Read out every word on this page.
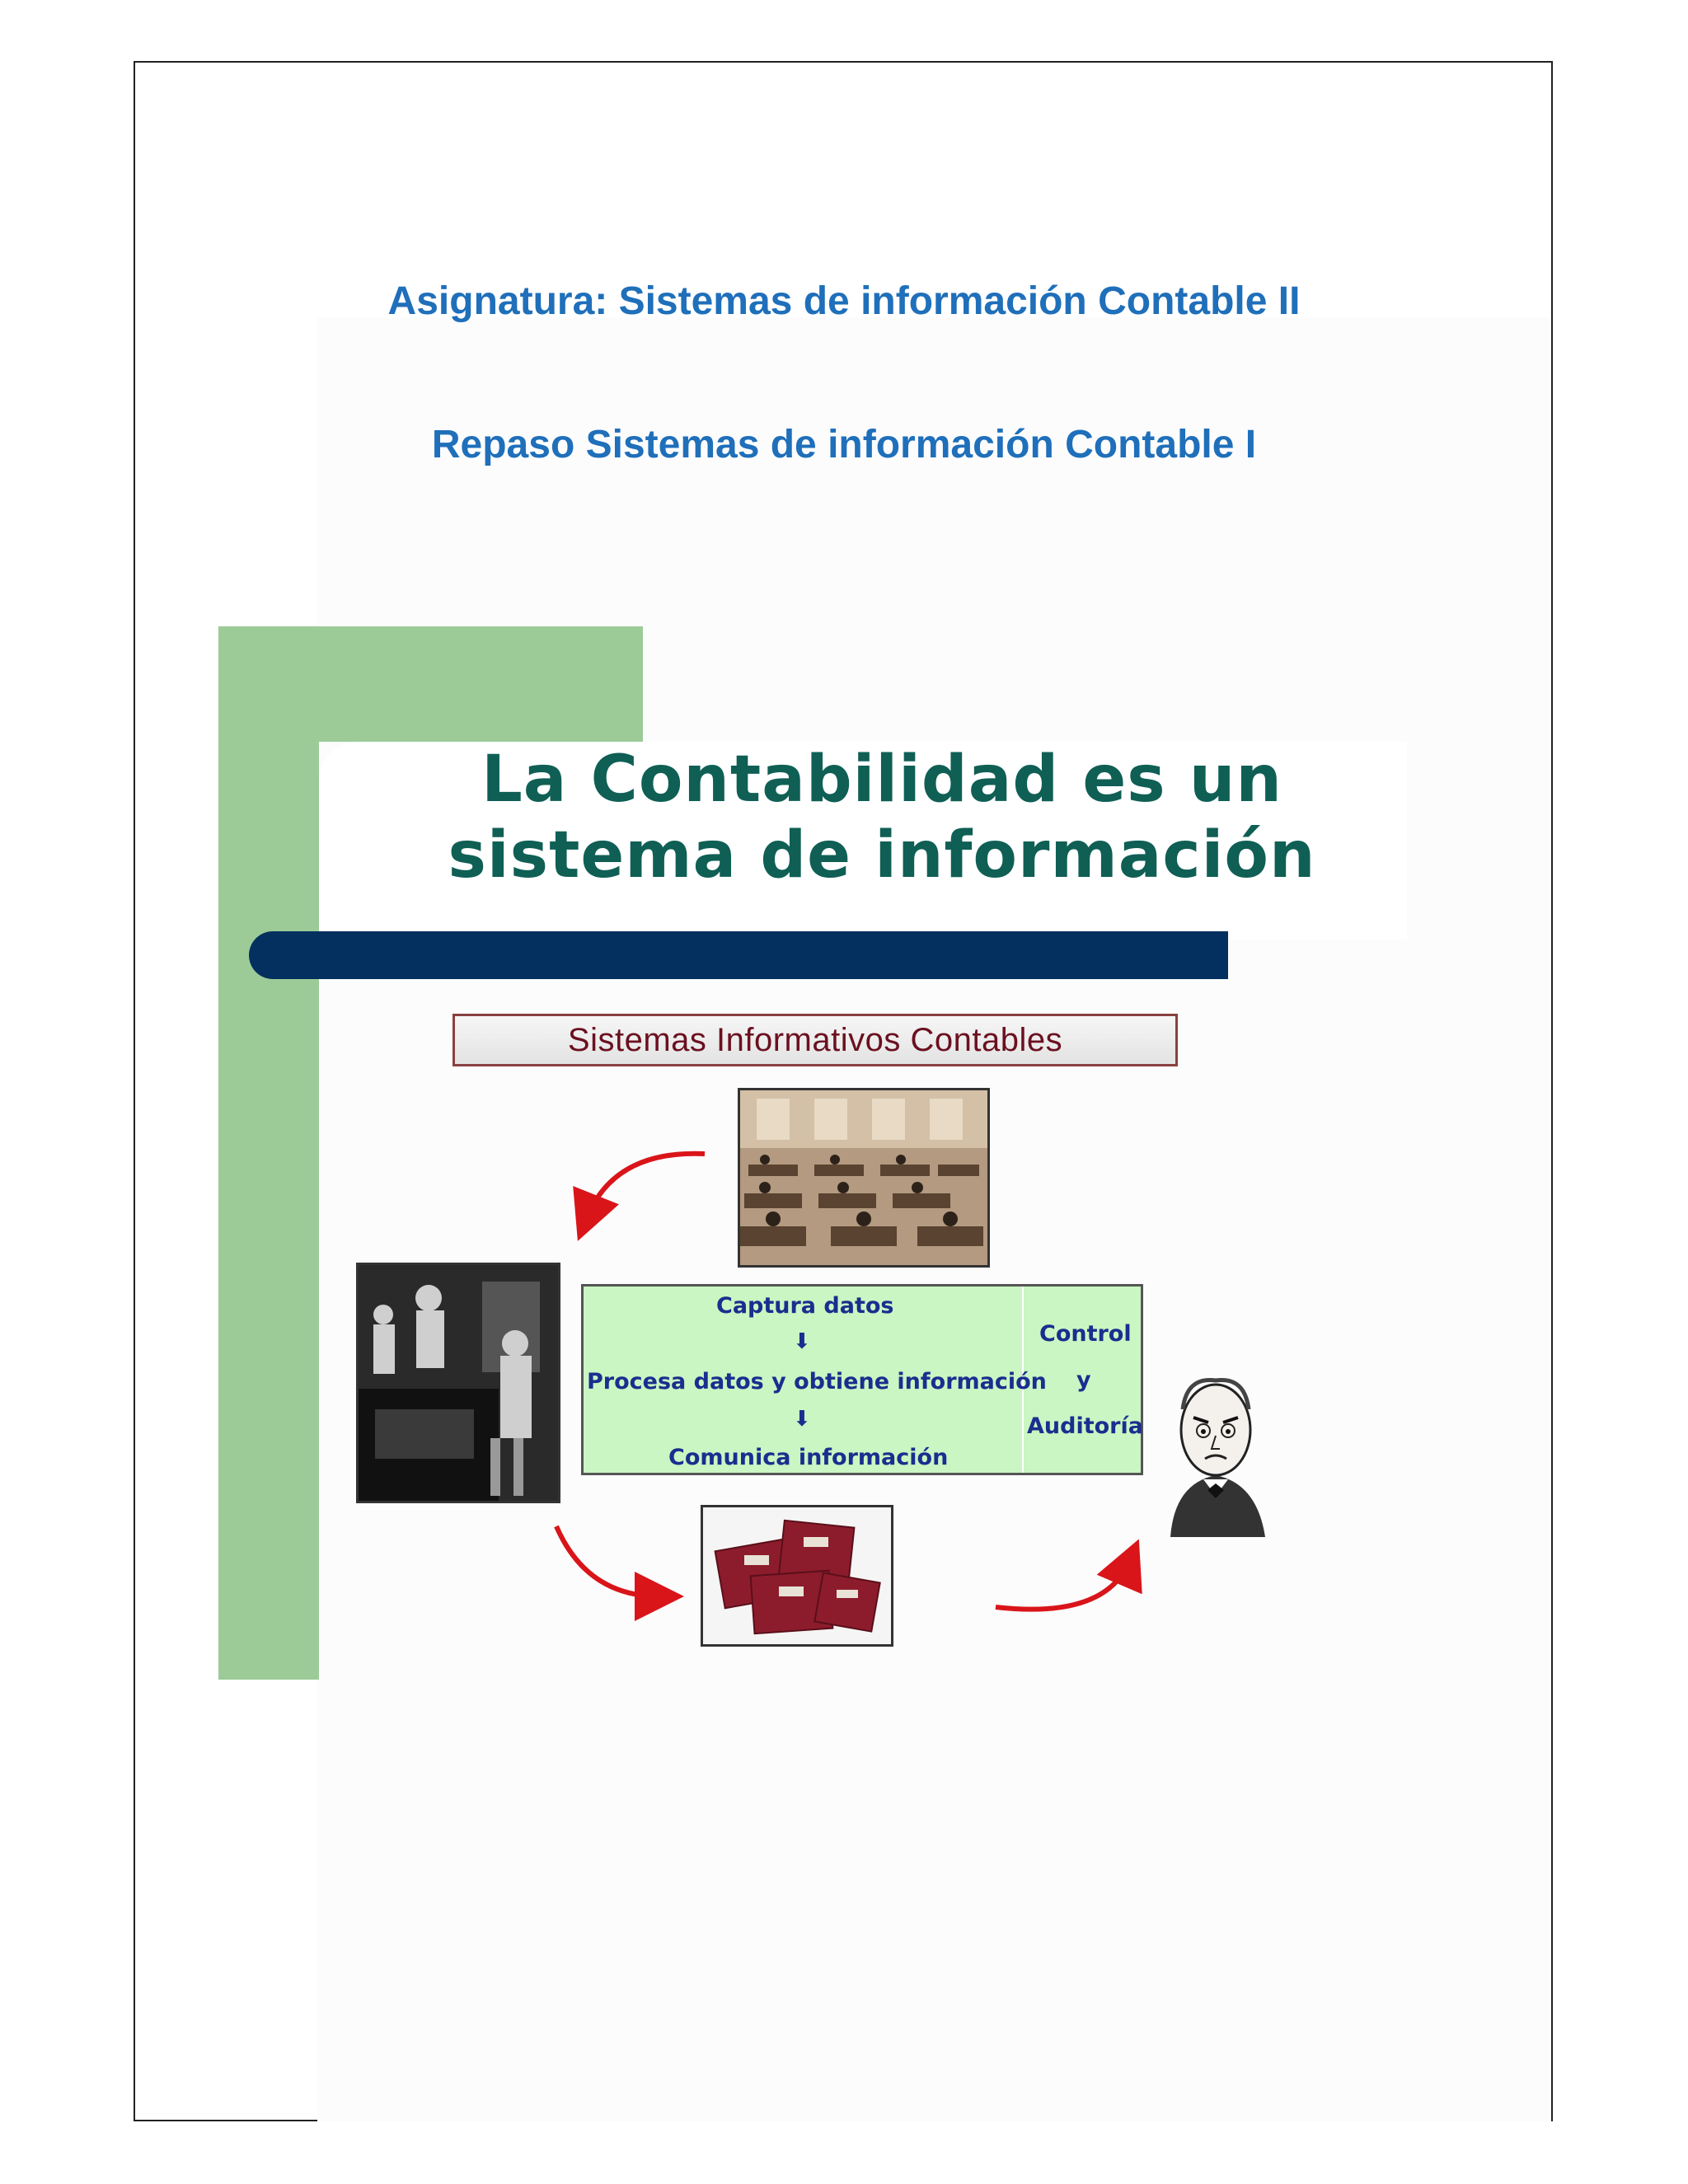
Asignatura: Sistemas de información Contable II
Repaso Sistemas de información Contable I
La Contabilidad es un sistema de información
Sistemas Informativos Contables
Captura datos
⬇
Procesa datos y obtiene información
⬇
Comunica información
Control
y
Auditoría
